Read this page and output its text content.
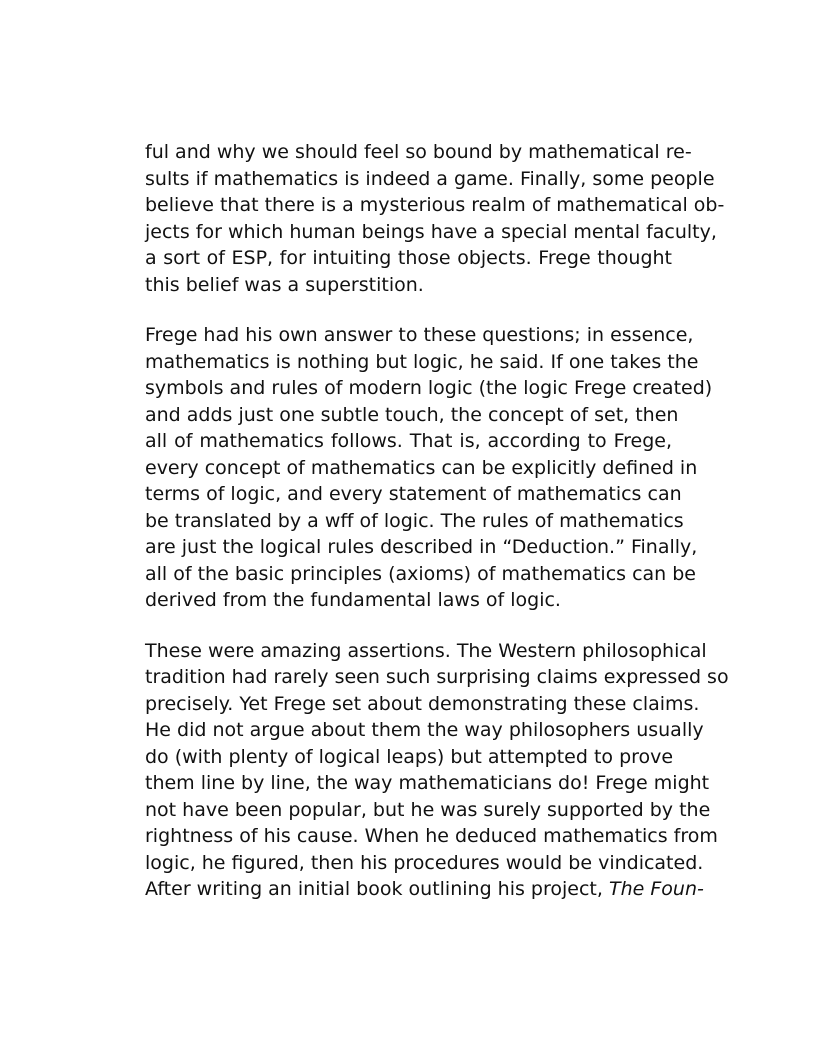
ful and why we should feel so bound by mathematical re-
sults if mathematics is indeed a game. Finally, some people
believe that there is a mysterious realm of mathematical ob-
jects for which human beings have a special mental faculty,
a sort of ESP, for intuiting those objects. Frege thought
this belief was a superstition.
Frege had his own answer to these questions; in essence,
mathematics is nothing but logic, he said. If one takes the
symbols and rules of modern logic (the logic Frege created)
and adds just one subtle touch, the concept of set, then
all of mathematics follows. That is, according to Frege,
every concept of mathematics can be explicitly defined in
terms of logic, and every statement of mathematics can
be translated by a wff of logic. The rules of mathematics
are just the logical rules described in “Deduction.” Finally,
all of the basic principles (axioms) of mathematics can be
derived from the fundamental laws of logic.
These were amazing assertions. The Western philosophical
tradition had rarely seen such surprising claims expressed so
precisely. Yet Frege set about demonstrating these claims.
He did not argue about them the way philosophers usually
do (with plenty of logical leaps) but attempted to prove
them line by line, the way mathematicians do! Frege might
not have been popular, but he was surely supported by the
rightness of his cause. When he deduced mathematics from
logic, he figured, then his procedures would be vindicated.
After writing an initial book outlining his project, The Foun-
